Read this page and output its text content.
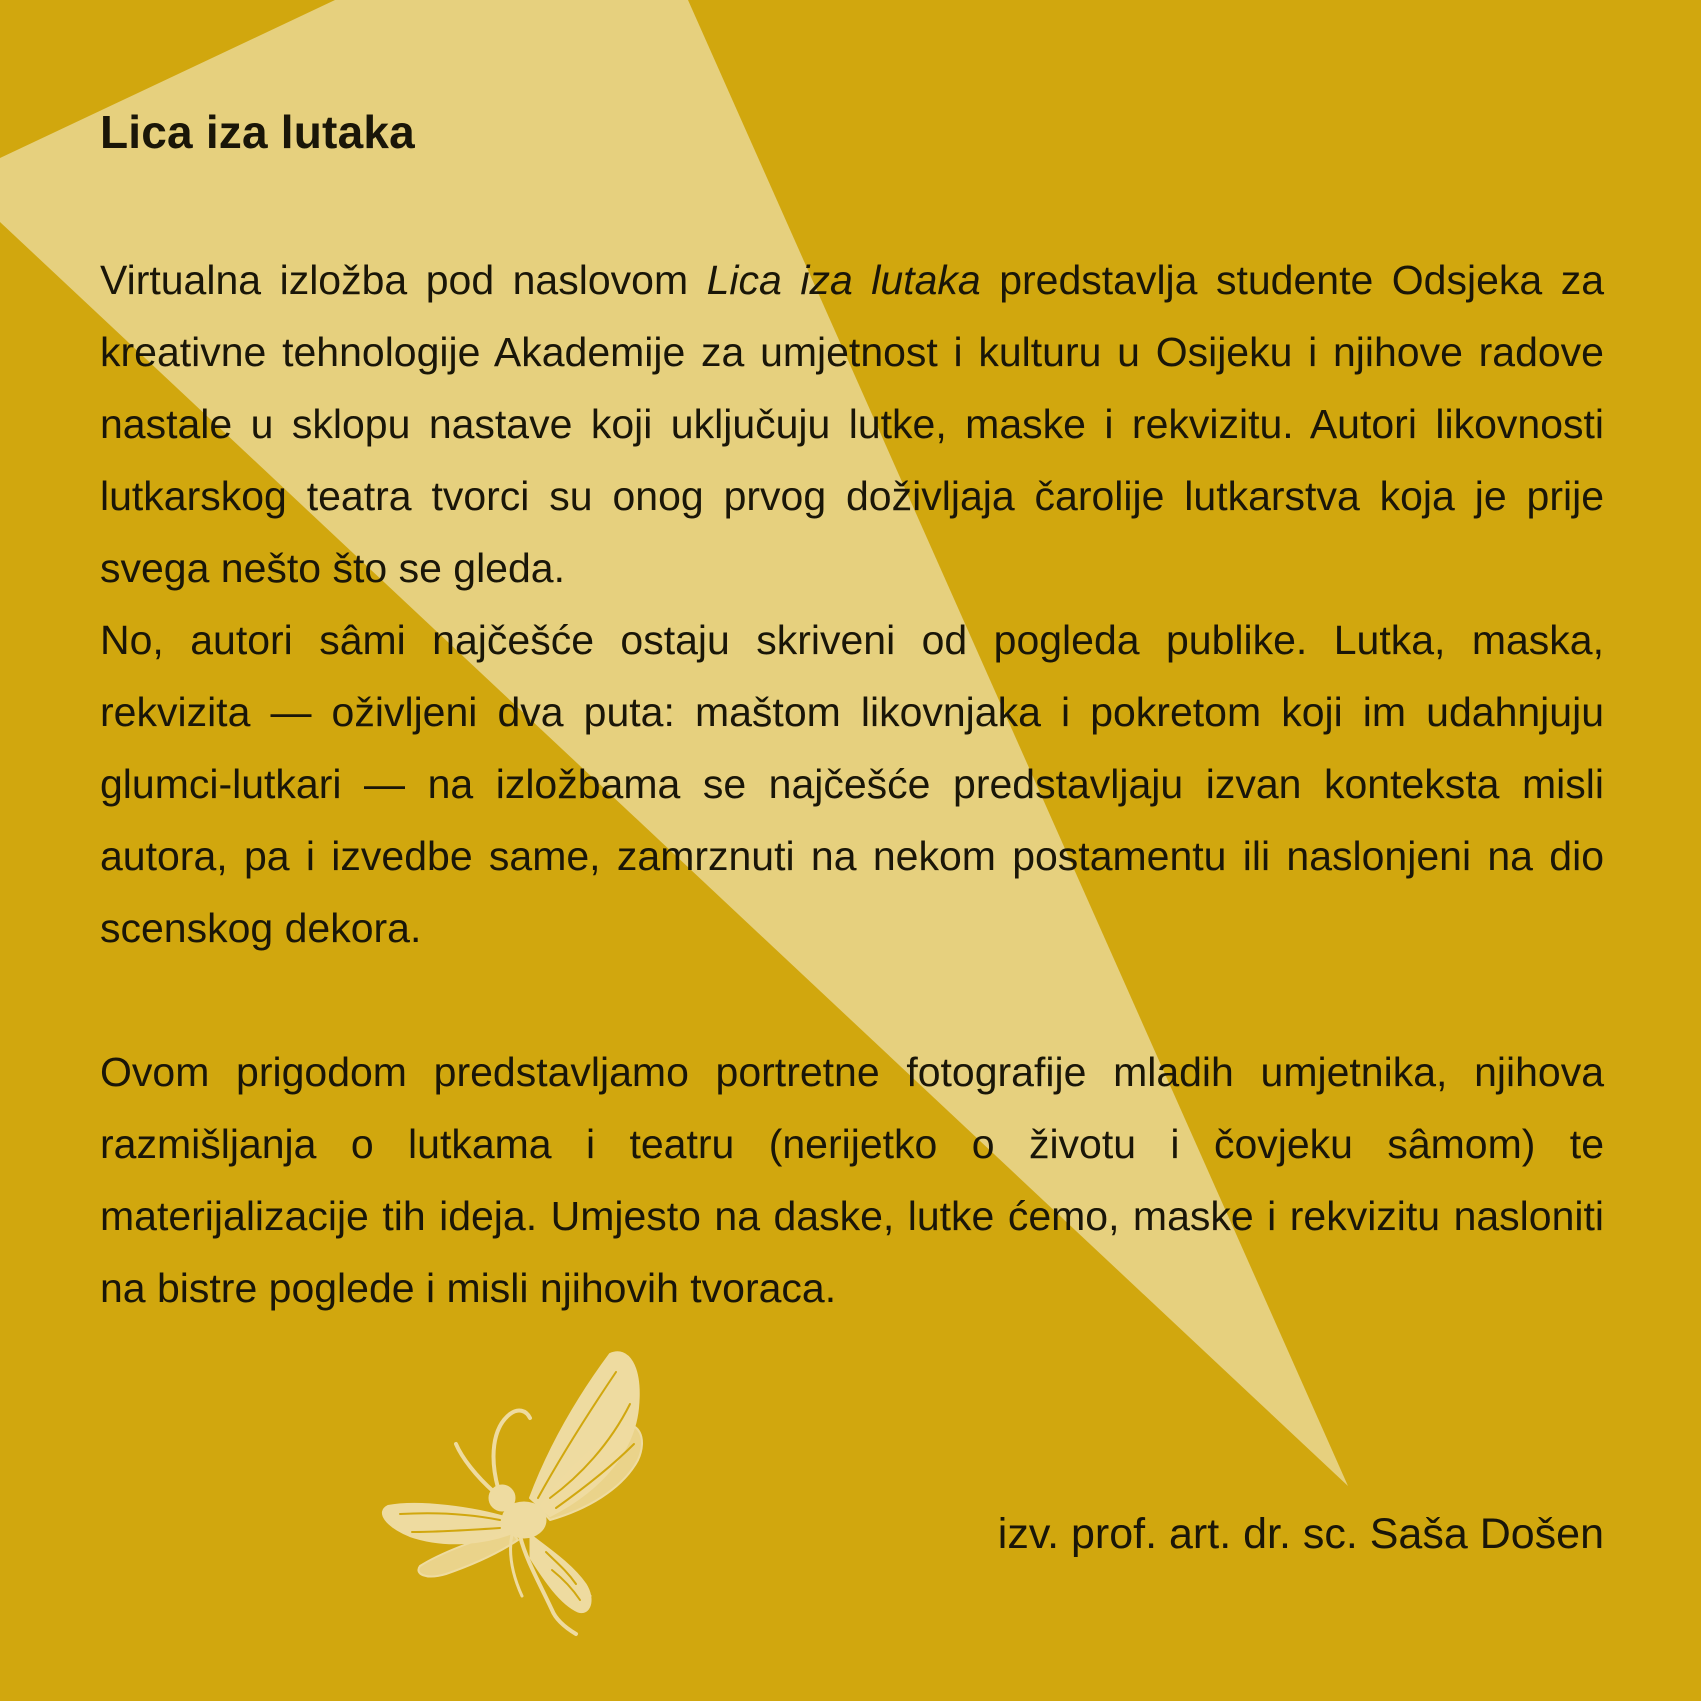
Lica iza lutaka

Virtualna izložba pod naslovom Lica iza lutaka predstavlja studente Odsjeka za kreativne tehnologije Akademije za umjetnost i kulturu u Osijeku i njihove radove nastale u sklopu nastave koji uključuju lutke, maske i rekvizitu. Autori likovnosti lutkarskog teatra tvorci su onog prvog doživljaja čarolije lutkarstva koja je prije svega nešto što se gleda.

No, autori sâmi najčešće ostaju skriveni od pogleda publike. Lutka, maska, rekvizita — oživljeni dva puta: maštom likovnjaka i pokretom koji im udahnjuju glumci-lutkari — na izložbama se najčešće predstavljaju izvan konteksta misli autora, pa i izvedbe same, zamrznuti na nekom postamentu ili naslonjeni na dio scenskog dekora.

Ovom prigodom predstavljamo portretne fotografije mladih umjetnika, njihova razmišljanja o lutkama i teatru (nerijetko o životu i čovjeku sâmom) te materijalizacije tih ideja. Umjesto na daske, lutke ćemo, maske i rekvizitu nasloniti na bistre poglede i misli njihovih tvoraca.

izv. prof. art. dr. sc. Saša Došen
